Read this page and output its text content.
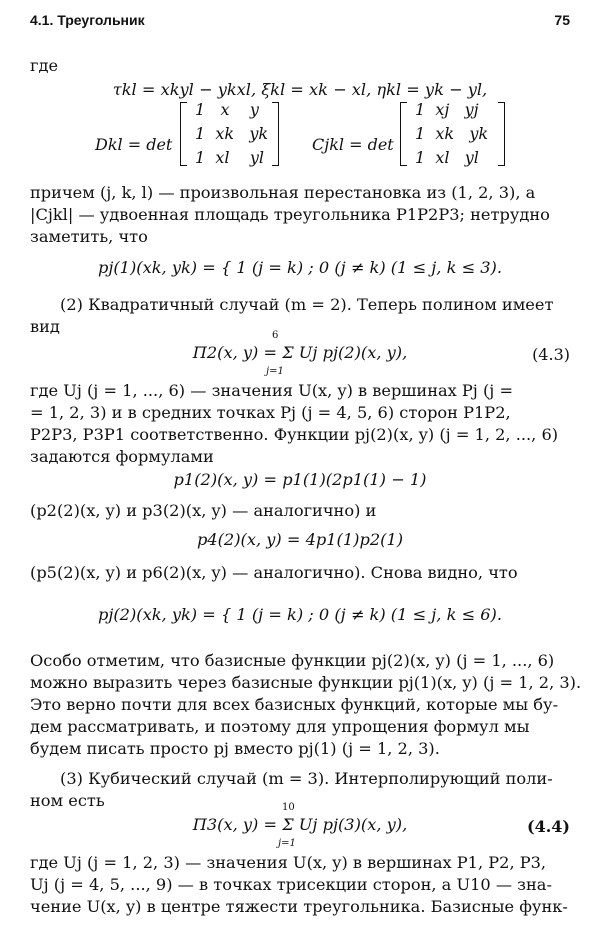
4.1. Треугольник	75
где
τkl = xkyl − ykxl, ξkl = xk − xl, ηkl = yk − yl,
Dkl = det
1 x y
1 xk yk
1 xl yl
Cjkl = det
1 xj yj
1 xk yk
1 xl yl
причем (j, k, l) — произвольная перестановка из (1, 2, 3), а
|Cjkl| — удвоенная площадь треугольника P1P2P3; нетрудно
заметить, что
pj(1)(xk, yk) = { 1 (j = k) ; 0 (j ≠ k) (1 ≤ j, k ≤ 3).
(2) Квадратичный случай (m = 2). Теперь полином имеет
вид	6
Π2(x, y) = Σ Uj pj(2)(x, y),
j=1
(4.3)
где Uj (j = 1, ..., 6) — значения U(x, y) в вершинах Pj (j =
= 1, 2, 3) и в средних точках Pj (j = 4, 5, 6) сторон P1P2,
P2P3, P3P1 соответственно. Функции pj(2)(x, y) (j = 1, 2, ..., 6)
задаются формулами
p1(2)(x, y) = p1(1)(2p1(1) − 1)
(p2(2)(x, y) и p3(2)(x, y) — аналогично) и
p4(2)(x, y) = 4p1(1)p2(1)
(p5(2)(x, y) и p6(2)(x, y) — аналогично). Снова видно, что
pj(2)(xk, yk) = { 1 (j = k) ; 0 (j ≠ k) (1 ≤ j, k ≤ 6).
Особо отметим, что базисные функции pj(2)(x, y) (j = 1, ..., 6)
можно выразить через базисные функции pj(1)(x, y) (j = 1, 2, 3).
Это верно почти для всех базисных функций, которые мы бу-
дем рассматривать, и поэтому для упрощения формул мы
будем писать просто pj вместо pj(1) (j = 1, 2, 3).
(3) Кубический случай (m = 3). Интерполирующий поли-
ном есть	10
Π3(x, y) = Σ Uj pj(3)(x, y),
j=1
(4.4)
где Uj (j = 1, 2, 3) — значения U(x, y) в вершинах P1, P2, P3,
Uj (j = 4, 5, ..., 9) — в точках трисекции сторон, а U10 — зна-
чение U(x, y) в центре тяжести треугольника. Базисные функ-
